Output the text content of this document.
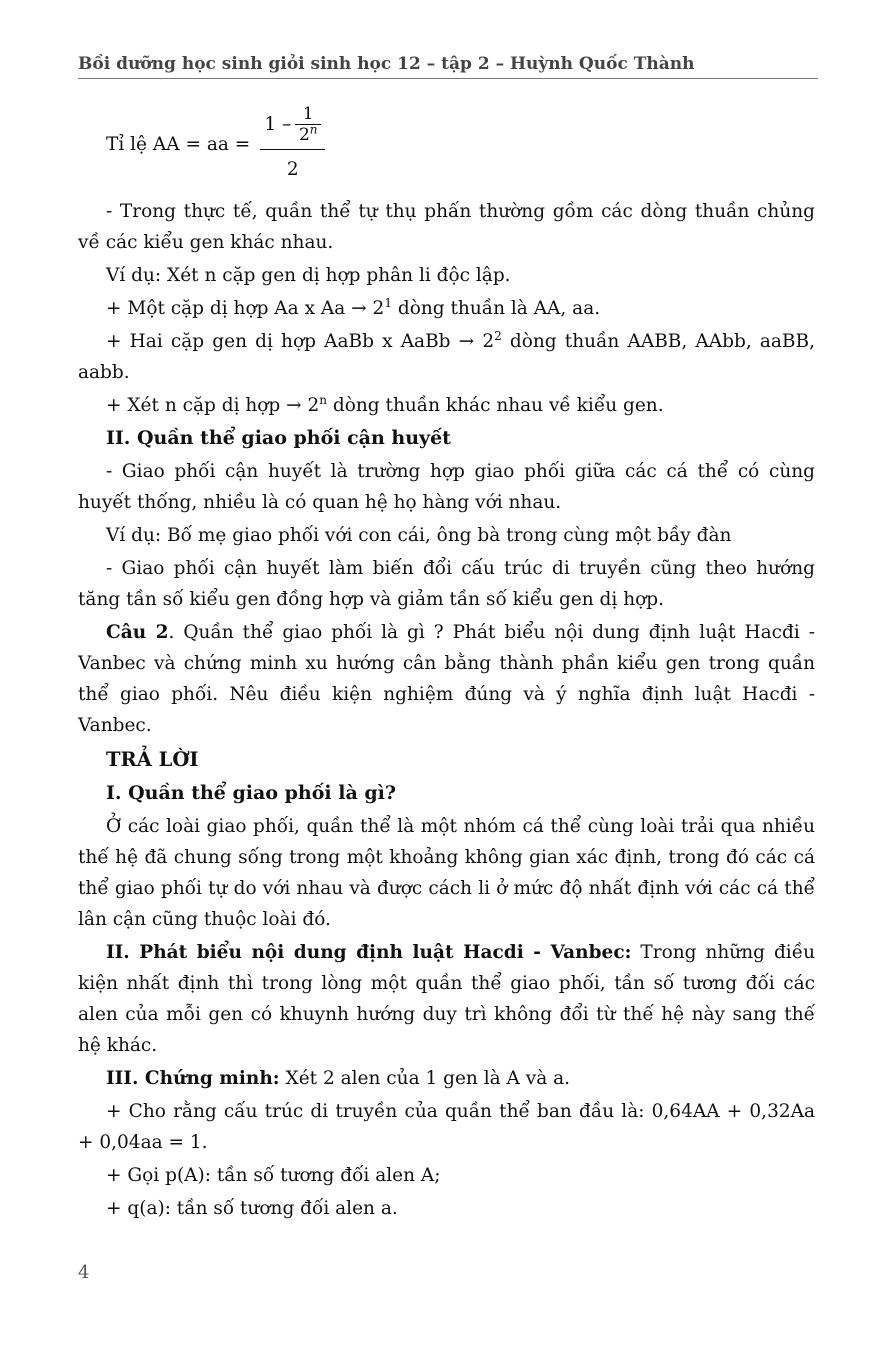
Bồi dưỡng học sinh giỏi sinh học 12 – tập 2 – Huỳnh Quốc Thành
Tỉ lệ AA = aa = $\frac{1 - \frac{1}{2^n}}{2}$

- Trong thực tế, quần thể tự thụ phấn thường gồm các dòng thuần chủng về các kiểu gen khác nhau.

Ví dụ: Xét n cặp gen dị hợp phân li độc lập.

+ Một cặp dị hợp Aa x $Aa \to 2^1$ dòng thuần là AA, aa.

+ Hai cặp gen dị hợp AaBb x AaBb → $2^2$ dòng thuần AABB, AAbb, aaBB, aabb.

+ Xét n cặp dị hợp → $2^n$ dòng thuần khác nhau về kiểu gen.

II. Quần thể giao phối cận huyết

- Giao phối cận huyết là trường hợp giao phối giữa các cá thể có cùng huyết thống, nhiều là có quan hệ họ hàng với nhau.

Ví dụ: Bố mẹ giao phối với con cái, ông bà trong cùng một bầy đàn

- Giao phối cận huyết làm biến đổi cấu trúc di truyền cũng theo hướng tăng tần số kiểu gen đồng hợp và giảm tần số kiểu gen dị hợp.

Câu 2. Quần thể giao phối là gì ? Phát biểu nội dung định luật Hacđi - Vanbec và chứng minh xu hướng cân bằng thành phần kiểu gen trong quần thể giao phối. Nêu điều kiện nghiệm đúng và ý nghĩa định luật Hacđi - Vanbec.

TRẢ LỜI

I. Quần thể giao phối là gì?

Ở các loài giao phối, quần thể là một nhóm cá thể cùng loài trải qua nhiều thế hệ đã chung sống trong một khoảng không gian xác định, trong đó các cá thể giao phối tự do với nhau và được cách li ở mức độ nhất định với các cá thể lân cận cũng thuộc loài đó.

II. Phát biểu nội dung định luật Hacdi - Vanbec: Trong những điều kiện nhất định thì trong lòng một quần thể giao phối, tần số tương đối các alen của mỗi gen có khuynh hướng duy trì không đổi từ thế hệ này sang thế hệ khác.

III. Chứng minh: Xét 2 alen của 1 gen là A và a.

+ Cho rằng cấu trúc di truyền của quần thể ban đầu là: 0,64AA + 0,32Aa + 0,04aa = 1.

+ Gọi p(A): tần số tương đối alen A;

+ q(a): tần số tương đối alen a.

4
